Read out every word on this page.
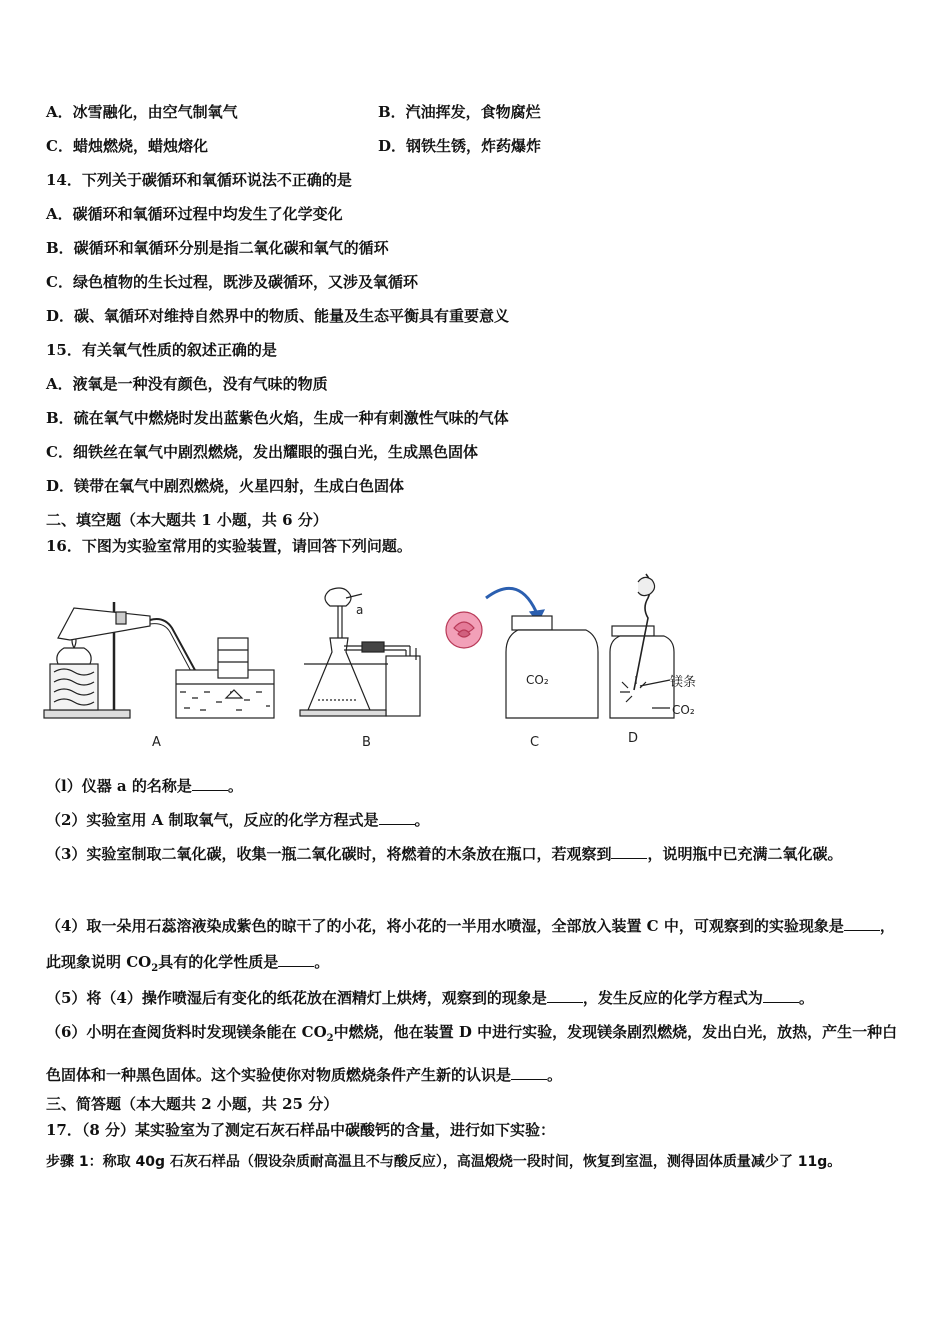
A．冰雪融化，由空气制氧气	B．汽油挥发，食物腐烂
C．蜡烛燃烧，蜡烛熔化	D．钢铁生锈，炸药爆炸
14．下列关于碳循环和氧循环说法不正确的是
A．碳循环和氧循环过程中均发生了化学变化
B．碳循环和氧循环分别是指二氧化碳和氧气的循环
C．绿色植物的生长过程，既涉及碳循环，又涉及氧循环
D．碳、氧循环对维持自然界中的物质、能量及生态平衡具有重要意义
15．有关氧气性质的叙述正确的是
A．液氧是一种没有颜色，没有气味的物质
B．硫在氧气中燃烧时发出蓝紫色火焰，生成一种有刺激性气味的气体
C．细铁丝在氧气中剧烈燃烧，发出耀眼的强白光，生成黑色固体
D．镁带在氧气中剧烈燃烧，火星四射，生成白色固体
二、填空题（本大题共 1 小题，共 6 分）
16．下图为实验室常用的实验装置，请回答下列问题。
A
a
B
CO₂
C
镁条
CO₂
D
（l）仪器 a 的名称是 。
（2）实验室用 A 制取氧气，反应的化学方程式是 。
（3）实验室制取二氧化碳，收集一瓶二氧化碳时，将燃着的木条放在瓶口，若观察到 ，说明瓶中已充满二氧化碳。
（4）取一朵用石蕊溶液染成紫色的晾干了的小花，将小花的一半用水喷湿，全部放入装置 C 中，可观察到的实验现象是 ，此现象说明 $CO_2$具有的化学性质是 。
（5）将（4）操作喷湿后有变化的纸花放在酒精灯上烘烤，观察到的现象是 ，发生反应的化学方程式为 。
（6）小明在查阅货料时发现镁条能在 $CO_2$中燃烧，他在装置 D 中进行实验，发现镁条剧烈燃烧，发出白光，放热，产生一种白色固体和一种黑色固体。这个实验使你对物质燃烧条件产生新的认识是 。
三、简答题（本大题共 2 小题，共 25 分）
17．（8 分）某实验室为了测定石灰石样品中碳酸钙的含量，进行如下实验：
步骤 1：称取 40g 石灰石样品（假设杂质耐高温且不与酸反应），高温煅烧一段时间，恢复到室温，测得固体质量减少了 11g。
